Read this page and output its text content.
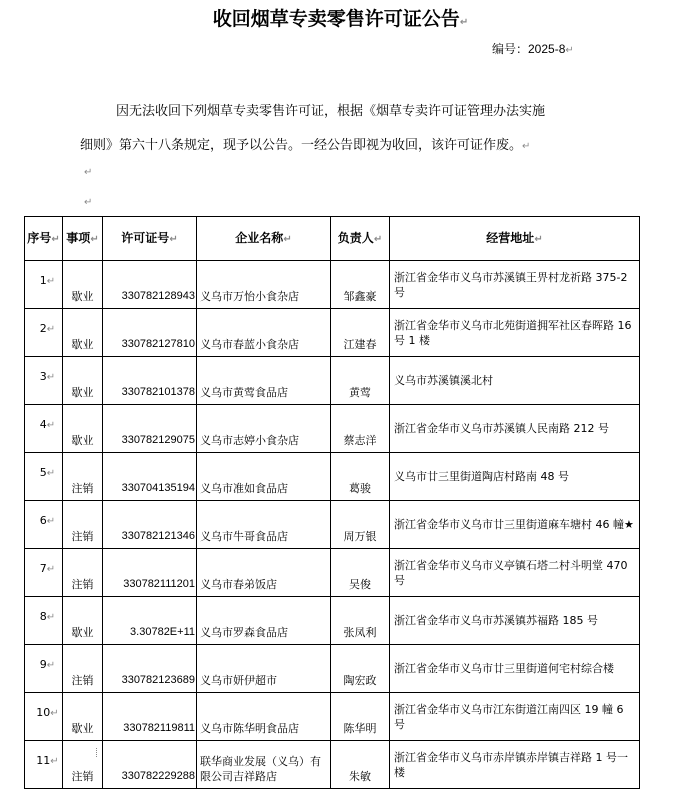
收回烟草专卖零售许可证公告↵
编号：2025-8↵
因无法收回下列烟草专卖零售许可证，根据《烟草专卖许可证管理办法实施
细则》第六十八条规定，现予以公告。一经公告即视为收回，该许可证作废。↵
↵
↵
序号↵	事项↵	许可证号↵	企业名称↵	负责人↵	经营地址↵
1↵	歇业	330782128943	义乌市万怡小食杂店	邹鑫豪	浙江省金华市义乌市苏溪镇王畀村龙祈路 375-2 号
2↵	歇业	330782127810	义乌市春蓝小食杂店	江建春	浙江省金华市义乌市北苑街道拥军社区春晖路 16 号 1 楼
3↵	歇业	330782101378	义乌市黄莺食品店	黄莺	义乌市苏溪镇溪北村
4↵	歇业	330782129075	义乌市志婷小食杂店	蔡志洋	浙江省金华市义乌市苏溪镇人民南路 212 号
5↵	注销	330704135194	义乌市准如食品店	葛骏	义乌市廿三里街道陶店村路南 48 号
6↵	注销	330782121346	义乌市牛哥食品店	周万银	浙江省金华市义乌市廿三里街道麻车塘村 46 幢★
7↵	注销	330782111201	义乌市春弟饭店	吴俊	浙江省金华市义乌市义亭镇石塔二村斗明堂 470 号
8↵	歇业	3.30782E+11	义乌市罗森食品店	张凤利	浙江省金华市义乌市苏溪镇苏福路 185 号
9↵	注销	330782123689	义乌市妍伊超市	陶宏政	浙江省金华市义乌市廿三里街道何宅村综合楼
10↵	歇业	330782119811	义乌市陈华明食品店	陈华明	浙江省金华市义乌市江东街道江南四区 19 幢 6 号
11↵	注销	330782229288	联华商业发展（义乌）有限公司吉祥路店	朱敏	浙江省金华市义乌市赤岸镇赤岸镇吉祥路 1 号一楼
